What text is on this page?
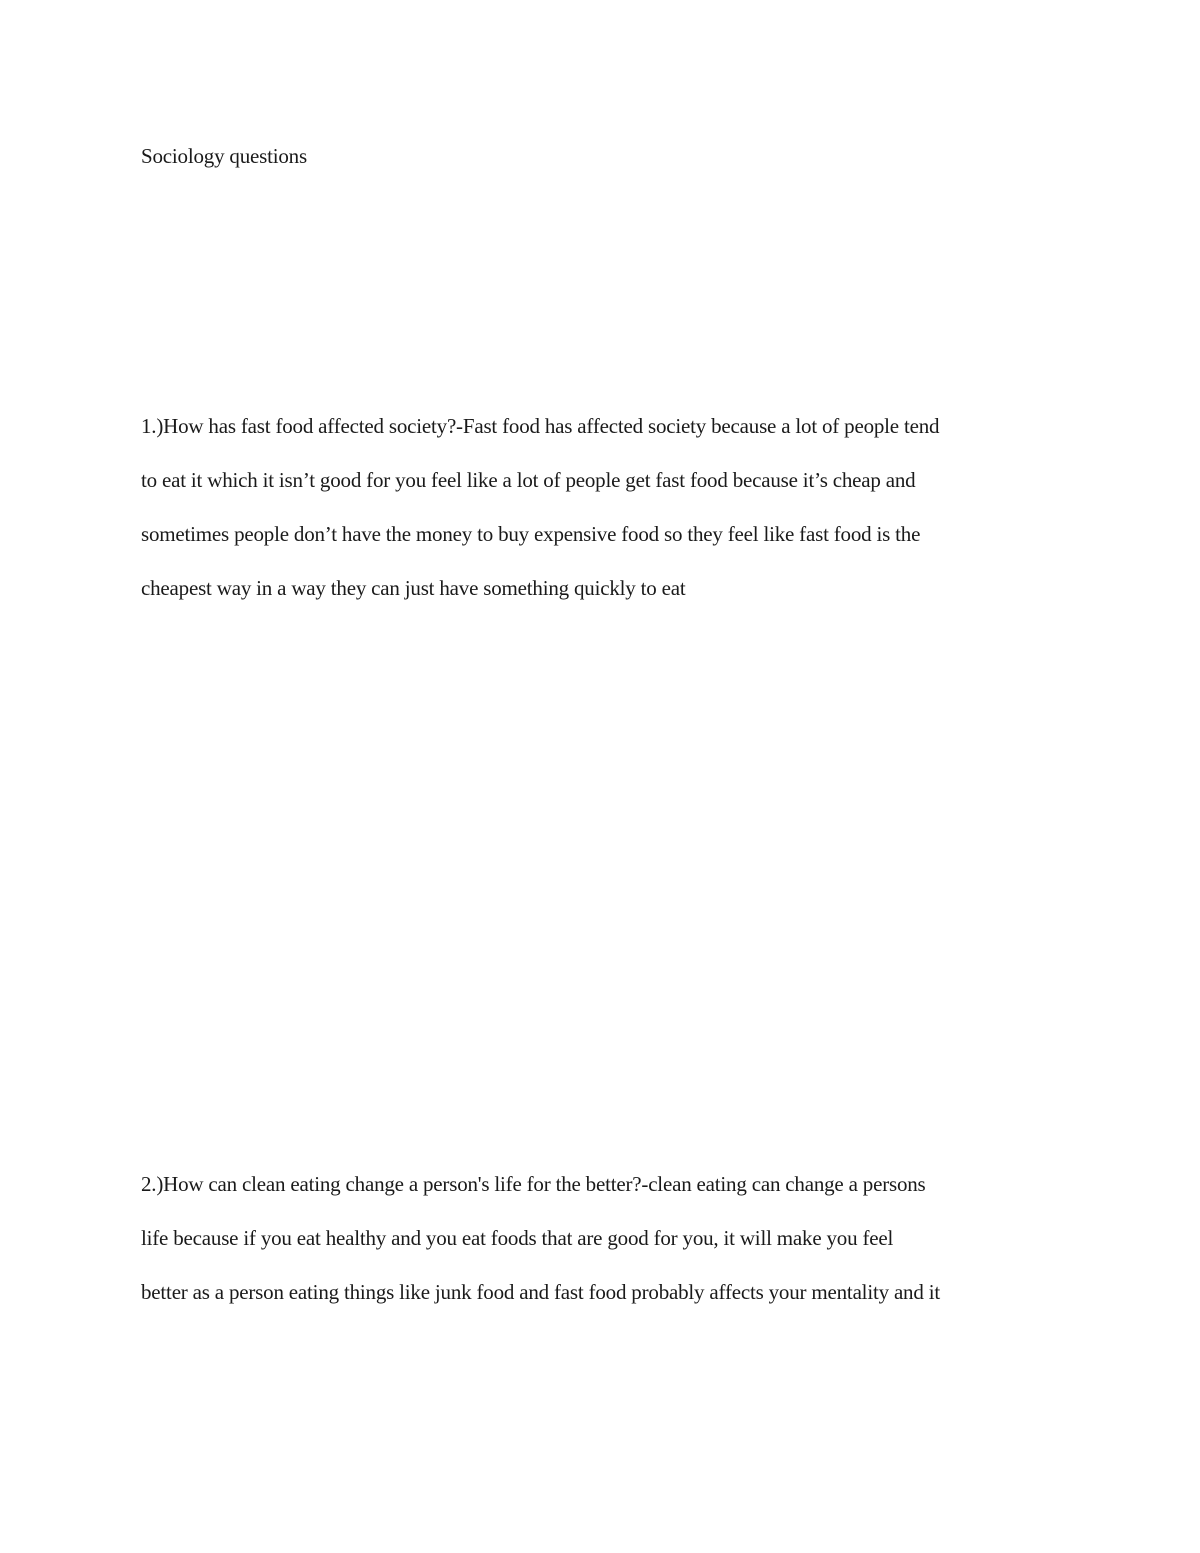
Sociology questions
1.)How has fast food affected society?-Fast food has affected society because a lot of people tend
to eat it which it isn’t good for you feel like a lot of people get fast food because it’s cheap and
sometimes people don’t have the money to buy expensive food so they feel like fast food is the
cheapest way in a way they can just have something quickly to eat
2.)How can clean eating change a person's life for the better?-clean eating can change a persons
life because if you eat healthy and you eat foods that are good for you, it will make you feel
better as a person eating things like junk food and fast food probably affects your mentality and it
